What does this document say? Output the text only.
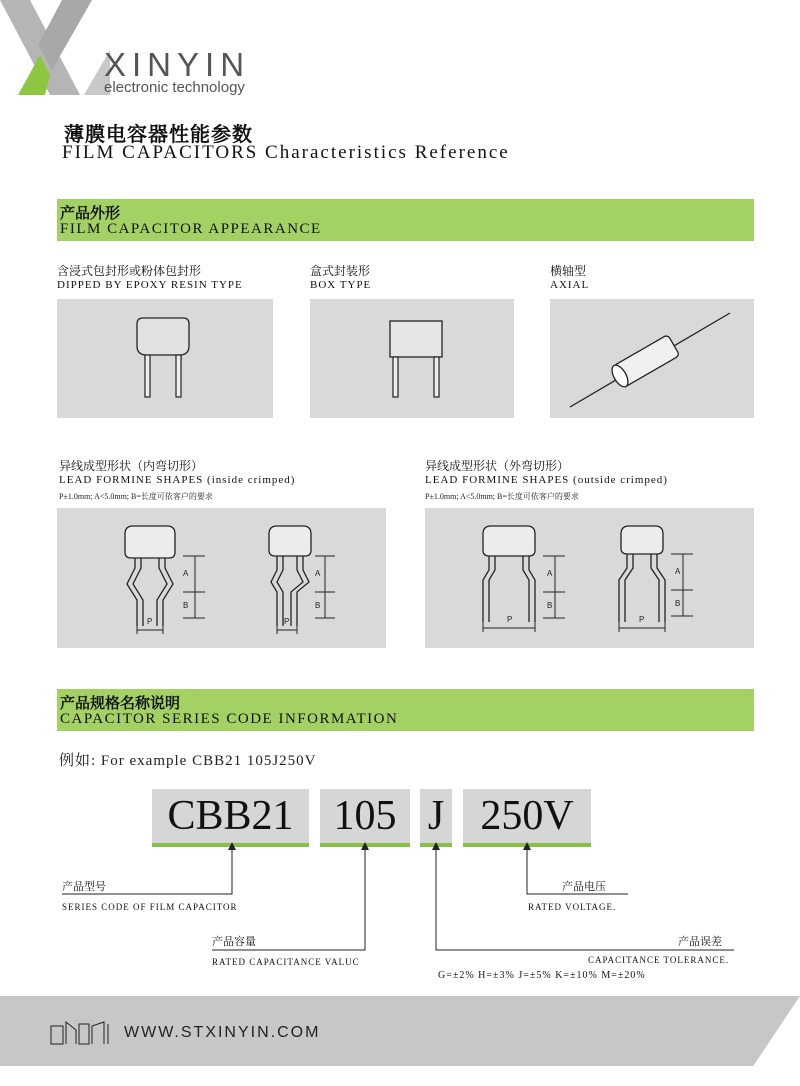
XINYIN
electronic technology
薄膜电容器性能参数
FILM CAPACITORS Characteristics Reference
产品外形
FILM CAPACITOR APPEARANCE
含浸式包封形或粉体包封形
DIPPED BY EPOXY RESIN TYPE
盒式封装形
BOX TYPE
横轴型
AXIAL
异线成型形状（内弯切形）
LEAD FORMINE SHAPES (inside crimped)
P±1.0mm; A<5.0mm; B=长度可依客户的要求
异线成型形状（外弯切形）
LEAD FORMINE SHAPES (outside crimped)
P±1.0mm; A<5.0mm; B=长度可依客户的要求
A
B
P
A
B
P
A
B
P
A
B
P
产品规格名称说明
CAPACITOR SERIES CODE INFORMATION
例如: For example CBB21 105J250V
CBB21 105 J 250V
产品型号
SERIES CODE OF FILM CAPACITOR
产品容量
RATED CAPACITANCE VALUC
产品电压
RATED VOLTAGE.
产品误差
CAPACITANCE TOLERANCE.
G=±2% H=±3% J=±5% K=±10% M=±20%
WWW.STXINYIN.COM
